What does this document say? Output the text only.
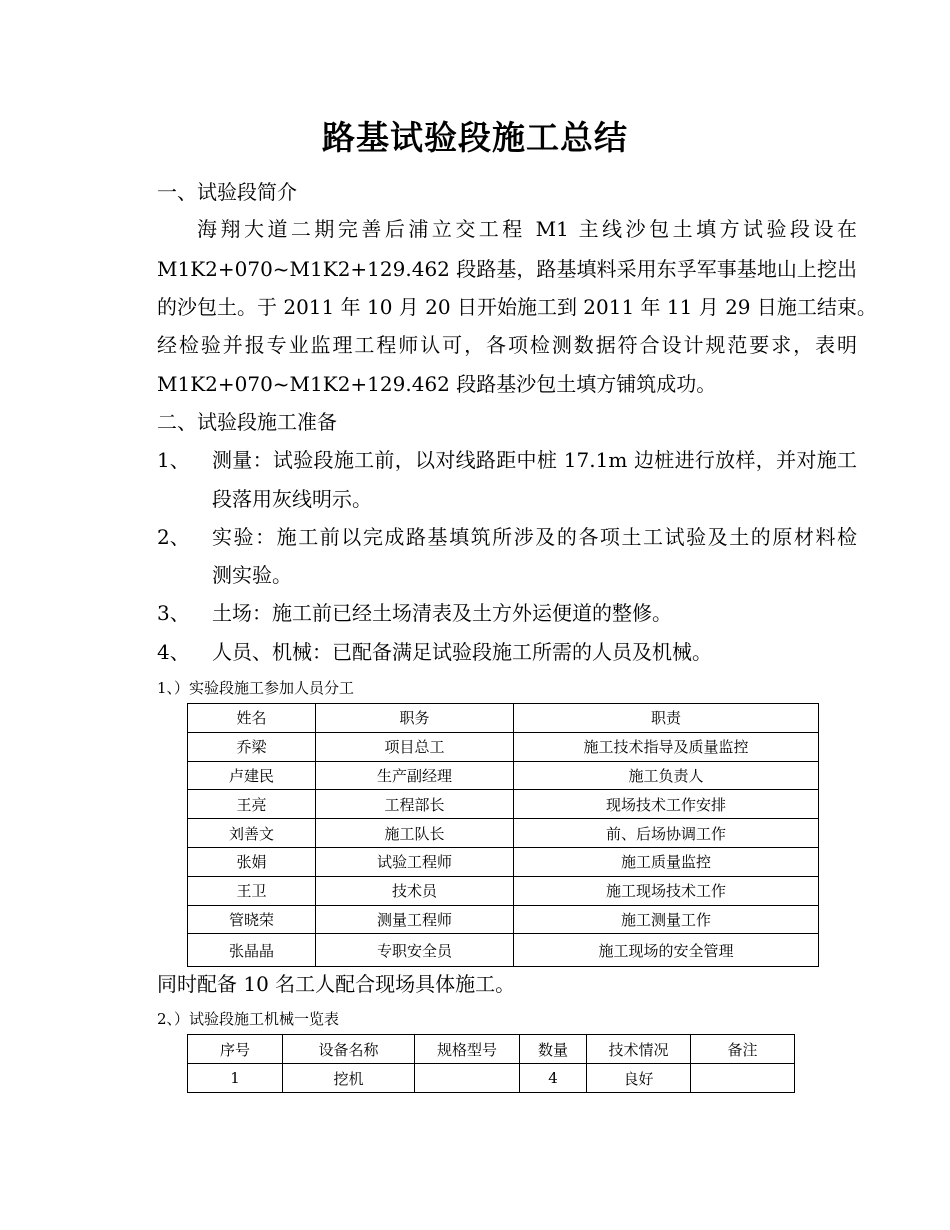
路基试验段施工总结
一、试验段简介
海翔大道二期完善后浦立交工程 M1 主线沙包土填方试验段设在
M1K2+070~M1K2+129.462 段路基，路基填料采用东孚军事基地山上挖出
的沙包土。于 2011 年 10 月 20 日开始施工到 2011 年 11 月 29 日施工结束。
经检验并报专业监理工程师认可，各项检测数据符合设计规范要求，表明
M1K2+070~M1K2+129.462 段路基沙包土填方铺筑成功。
二、试验段施工准备
1、 测量：试验段施工前，以对线路距中桩 17.1m 边桩进行放样，并对施工
段落用灰线明示。
2、 实验：施工前以完成路基填筑所涉及的各项土工试验及土的原材料检
测实验。
3、 土场：施工前已经土场清表及土方外运便道的整修。
4、 人员、机械：已配备满足试验段施工所需的人员及机械。
1、）实验段施工参加人员分工
姓名	职务	职责
乔梁	项目总工	施工技术指导及质量监控
卢建民	生产副经理	施工负责人
王亮	工程部长	现场技术工作安排
刘善文	施工队长	前、后场协调工作
张娟	试验工程师	施工质量监控
王卫	技术员	施工现场技术工作
管晓荣	测量工程师	施工测量工作
张晶晶	专职安全员	施工现场的安全管理
同时配备 10 名工人配合现场具体施工。
2、）试验段施工机械一览表
序号	设备名称	规格型号	数量	技术情况	备注
1	挖机		4	良好	
